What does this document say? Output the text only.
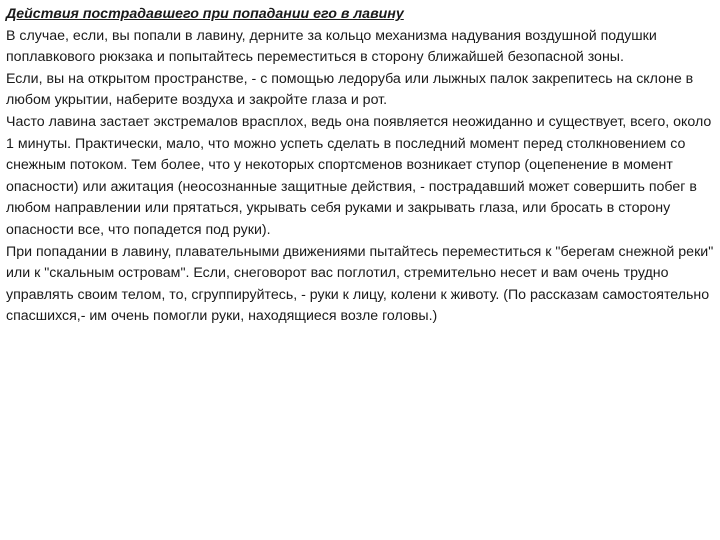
Действия пострадавшего при попадании его в лавину

В случае, если, вы попали в лавину, дерните за кольцо механизма надувания воздушной подушки поплавкового рюкзака и попытайтесь переместиться в сторону ближайшей безопасной зоны.

Если, вы на открытом пространстве, - с помощью ледоруба или лыжных палок закрепитесь на склоне в любом укрытии, наберите воздуха и закройте глаза и рот.

Часто лавина застает экстремалов врасплох, ведь она появляется неожиданно и существует, всего, около 1 минуты. Практически, мало, что можно успеть сделать в последний момент перед столкновением со снежным потоком. Тем более, что у некоторых спортсменов возникает ступор (оцепенение в момент опасности) или ажитация (неосознанные защитные действия, - пострадавший может совершить побег в любом направлении или прятаться, укрывать себя руками и закрывать глаза, или бросать в сторону опасности все, что попадется под руки).

При попадании в лавину, плавательными движениями пытайтесь переместиться к "берегам снежной реки" или к "скальным островам". Если, снеговорот вас поглотил, стремительно несет и вам очень трудно управлять своим телом, то, сгруппируйтесь, - руки к лицу, колени к животу. (По рассказам самостоятельно спасшихся,- им очень помогли руки, находящиеся возле головы.)
